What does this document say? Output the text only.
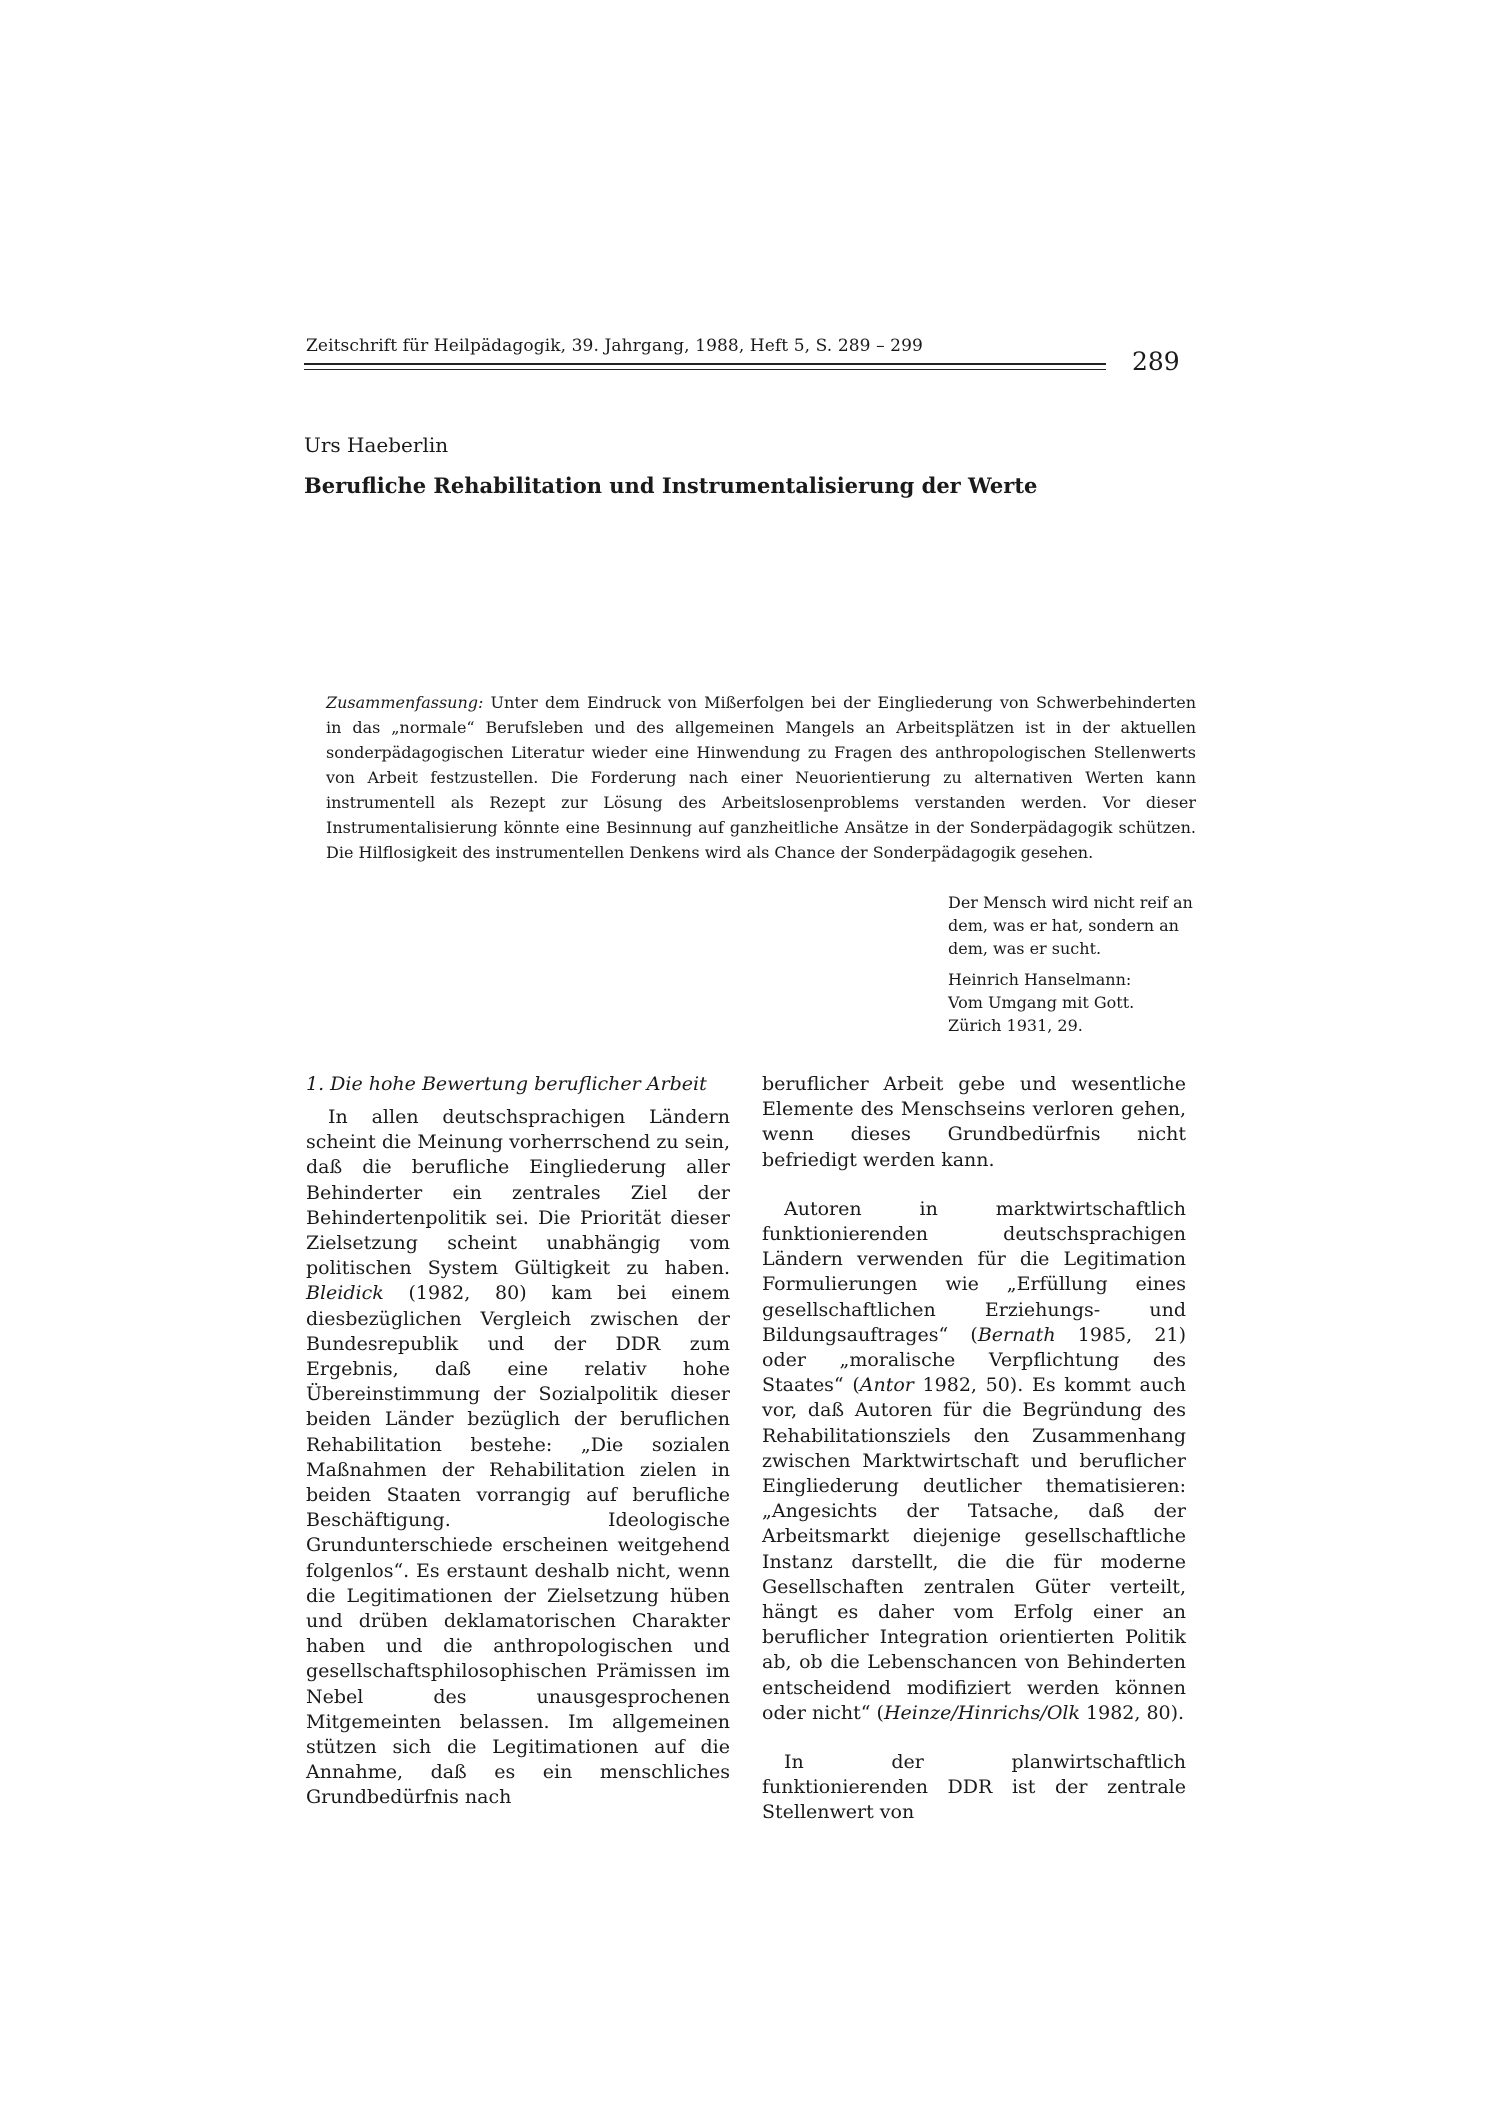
Zeitschrift für Heilpädagogik, 39. Jahrgang, 1988, Heft 5, S. 289 – 299
289
Urs Haeberlin
Berufliche Rehabilitation und Instrumentalisierung der Werte
Zusammenfassung: Unter dem Eindruck von Mißerfolgen bei der Eingliederung von Schwerbehinderten in das „normale“ Berufsleben und des allgemeinen Mangels an Arbeitsplätzen ist in der aktuellen sonderpädagogischen Literatur wieder eine Hinwendung zu Fragen des anthropologischen Stellenwerts von Arbeit festzustellen. Die Forderung nach einer Neuorientierung zu alternativen Werten kann instrumentell als Rezept zur Lösung des Arbeitslosenproblems verstanden werden. Vor dieser Instrumentalisierung könnte eine Besinnung auf ganzheitliche Ansätze in der Sonderpädagogik schützen. Die Hilflosigkeit des instrumentellen Denkens wird als Chance der Sonderpädagogik gesehen.

Der Mensch wird nicht reif an dem, was er hat, sondern an dem, was er sucht.

Heinrich Hanselmann:

Vom Umgang mit Gott.

Zürich 1931, 29.

1. Die hohe Bewertung beruflicher Arbeit

In allen deutschsprachigen Ländern scheint die Meinung vorherrschend zu sein, daß die berufliche Eingliederung aller Behinderter ein zentrales Ziel der Behindertenpolitik sei. Die Priorität dieser Zielsetzung scheint unabhängig vom politischen System Gültigkeit zu haben. Bleidick (1982, 80) kam bei einem diesbezüglichen Vergleich zwischen der Bundesrepublik und der DDR zum Ergebnis, daß eine relativ hohe Übereinstimmung der Sozialpolitik dieser beiden Länder bezüglich der beruflichen Rehabilitation bestehe: „Die sozialen Maßnahmen der Rehabilitation zielen in beiden Staaten vorrangig auf berufliche Beschäftigung. Ideologische Grundunterschiede erscheinen weitgehend folgenlos“. Es erstaunt deshalb nicht, wenn die Legitimationen der Zielsetzung hüben und drüben deklamatorischen Charakter haben und die anthropologischen und gesellschaftsphilosophischen Prämissen im Nebel des unausgesprochenen Mitgemeinten belassen. Im allgemeinen stützen sich die Legitimationen auf die Annahme, daß es ein menschliches Grundbedürfnis nach

beruflicher Arbeit gebe und wesentliche Elemente des Menschseins verloren gehen, wenn dieses Grundbedürfnis nicht befriedigt werden kann.

Autoren in marktwirtschaftlich funktionierenden deutschsprachigen Ländern verwenden für die Legitimation Formulierungen wie „Erfüllung eines gesellschaftlichen Erziehungs- und Bildungsauftrages“ (Bernath 1985, 21) oder „moralische Verpflichtung des Staates“ (Antor 1982, 50). Es kommt auch vor, daß Autoren für die Begründung des Rehabilitationsziels den Zusammenhang zwischen Marktwirtschaft und beruflicher Eingliederung deutlicher thematisieren: „Angesichts der Tatsache, daß der Arbeitsmarkt diejenige gesellschaftliche Instanz darstellt, die die für moderne Gesellschaften zentralen Güter verteilt, hängt es daher vom Erfolg einer an beruflicher Integration orientierten Politik ab, ob die Lebenschancen von Behinderten entscheidend modifiziert werden können oder nicht“ (Heinze/Hinrichs/Olk 1982, 80).

In der planwirtschaftlich funktionierenden DDR ist der zentrale Stellenwert von
